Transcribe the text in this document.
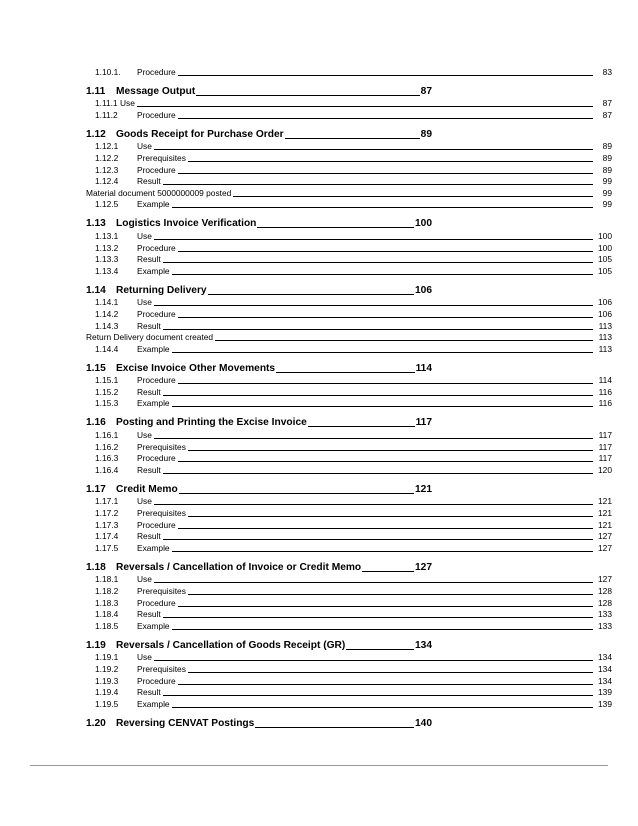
1.10.1.	Procedure	83
1.11	Message Output	87
1.11.1 Use	87
1.11.2	Procedure	87
1.12 Goods Receipt for Purchase Order	89
1.12.1	Use	89
1.12.2	Prerequisites	89
1.12.3	Procedure	89
1.12.4	Result	99
Material document 5000000009 posted	99
1.12.5	Example	99
1.13 Logistics Invoice Verification	100
1.13.1	Use	100
1.13.2	Procedure	100
1.13.3	Result	105
1.13.4	Example	105
1.14 Returning Delivery	106
1.14.1	Use	106
1.14.2	Procedure	106
1.14.3	Result	113
Return Delivery document created	113
1.14.4	Example	113
1.15 Excise Invoice Other Movements	114
1.15.1	Procedure	114
1.15.2	Result	116
1.15.3	Example	116
1.16 Posting and Printing the Excise Invoice	117
1.16.1	Use	117
1.16.2	Prerequisites	117
1.16.3	Procedure	117
1.16.4	Result	120
1.17 Credit Memo	121
1.17.1	Use	121
1.17.2	Prerequisites	121
1.17.3	Procedure	121
1.17.4	Result	127
1.17.5	Example	127
1.18 Reversals / Cancellation of Invoice or Credit Memo	127
1.18.1	Use	127
1.18.2	Prerequisites	128
1.18.3	Procedure	128
1.18.4	Result	133
1.18.5	Example	133
1.19 Reversals / Cancellation of Goods Receipt (GR)	134
1.19.1	Use	134
1.19.2	Prerequisites	134
1.19.3	Procedure	134
1.19.4	Result	139
1.19.5	Example	139
1.20 Reversing CENVAT Postings	140
